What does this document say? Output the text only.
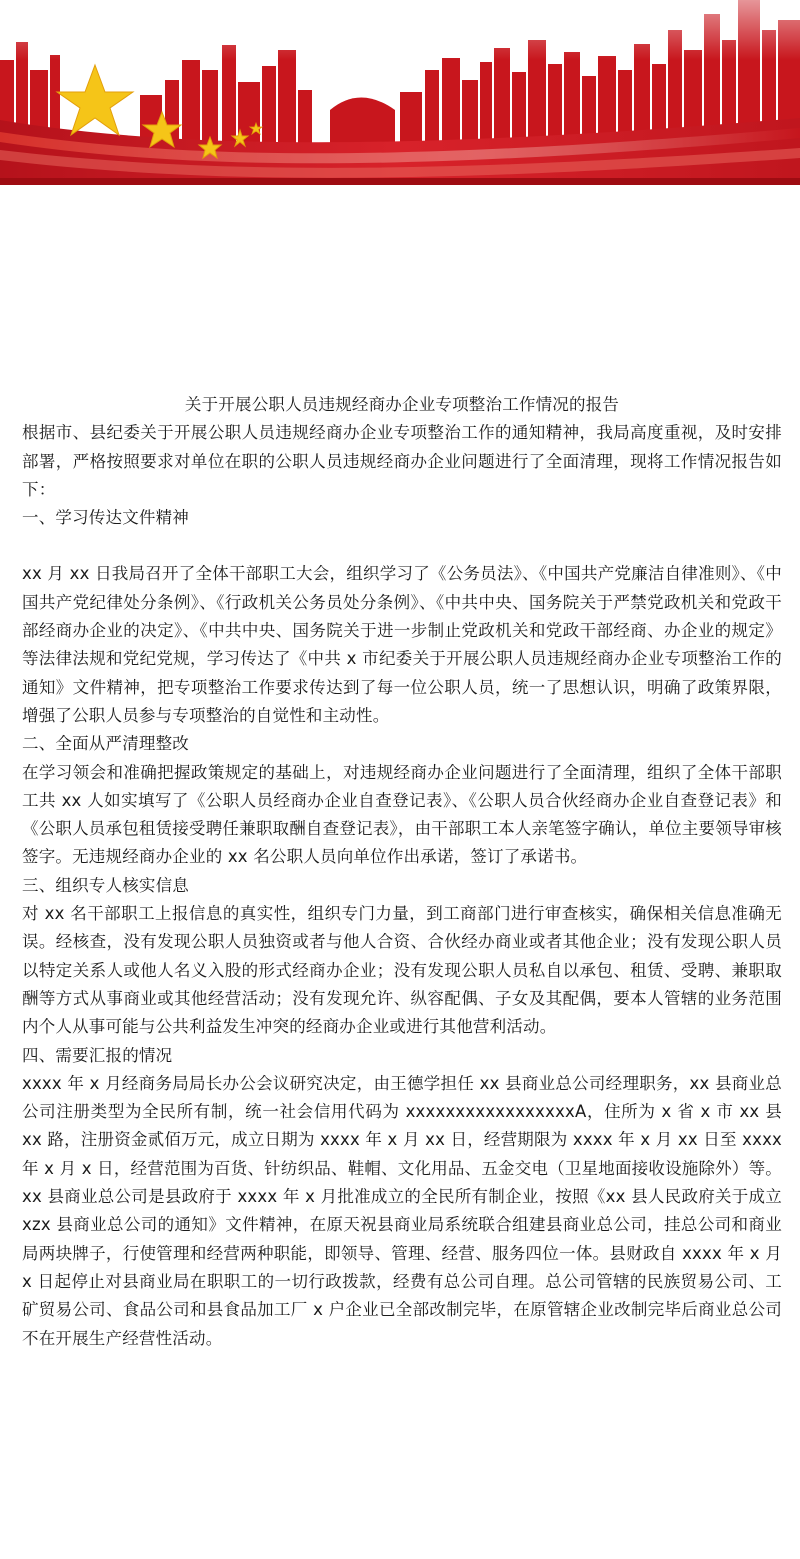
关于开展公职人员违规经商办企业专项整治工作情况的报告

根据市、县纪委关于开展公职人员违规经商办企业专项整治工作的通知精神，我局高度重视，及时安排部署，严格按照要求对单位在职的公职人员违规经商办企业问题进行了全面清理，现将工作情况报告如下：

一、学习传达文件精神

xx 月 xx 日我局召开了全体干部职工大会，组织学习了《公务员法》、《中国共产党廉洁自律准则》、《中国共产党纪律处分条例》、《行政机关公务员处分条例》、《中共中央、国务院关于严禁党政机关和党政干部经商办企业的决定》、《中共中央、国务院关于进一步制止党政机关和党政干部经商、办企业的规定》等法律法规和党纪党规，学习传达了《中共 x 市纪委关于开展公职人员违规经商办企业专项整治工作的通知》文件精神，把专项整治工作要求传达到了每一位公职人员，统一了思想认识，明确了政策界限，增强了公职人员参与专项整治的自觉性和主动性。

二、全面从严清理整改

在学习领会和准确把握政策规定的基础上，对违规经商办企业问题进行了全面清理，组织了全体干部职工共 xx 人如实填写了《公职人员经商办企业自查登记表》、《公职人员合伙经商办企业自查登记表》和《公职人员承包租赁接受聘任兼职取酬自查登记表》，由干部职工本人亲笔签字确认，单位主要领导审核签字。无违规经商办企业的 xx 名公职人员向单位作出承诺，签订了承诺书。

三、组织专人核实信息

对 xx 名干部职工上报信息的真实性，组织专门力量，到工商部门进行审查核实，确保相关信息准确无误。经核查，没有发现公职人员独资或者与他人合资、合伙经办商业或者其他企业；没有发现公职人员以特定关系人或他人名义入股的形式经商办企业；没有发现公职人员私自以承包、租赁、受聘、兼职取酬等方式从事商业或其他经营活动；没有发现允许、纵容配偶、子女及其配偶，要本人管辖的业务范围内个人从事可能与公共利益发生冲突的经商办企业或进行其他营利活动。

四、需要汇报的情况

xxxx 年 x 月经商务局局长办公会议研究决定，由王德学担任 xx 县商业总公司经理职务，xx 县商业总公司注册类型为全民所有制，统一社会信用代码为 xxxxxxxxxxxxxxxxxA，住所为 x 省 x 市 xx 县 xx 路，注册资金贰佰万元，成立日期为 xxxx 年 x 月 xx 日，经营期限为 xxxx 年 x 月 xx 日至 xxxx 年 x 月 x 日，经营范围为百货、针纺织品、鞋帽、文化用品、五金交电（卫星地面接收设施除外）等。xx 县商业总公司是县政府于 xxxx 年 x 月批准成立的全民所有制企业，按照《xx 县人民政府关于成立 xzx 县商业总公司的通知》文件精神，在原天祝县商业局系统联合组建县商业总公司，挂总公司和商业局两块牌子，行使管理和经营两种职能，即领导、管理、经营、服务四位一体。县财政自 xxxx 年 x 月 x 日起停止对县商业局在职职工的一切行政拨款，经费有总公司自理。总公司管辖的民族贸易公司、工矿贸易公司、食品公司和县食品加工厂 x 户企业已全部改制完毕，在原管辖企业改制完毕后商业总公司不在开展生产经营性活动。
